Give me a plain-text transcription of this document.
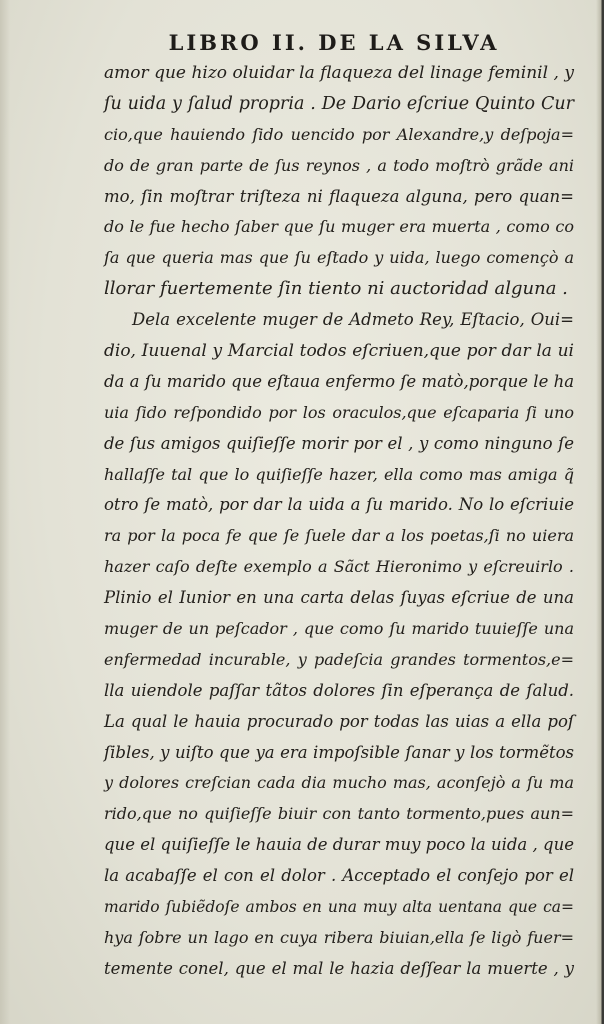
LIBRO II. DE LA SILVA
amor que hizo oluidar la flaqueza del linage feminil , y
ſu uida y ſalud propria . De Dario eſcriue Quinto Cur
cio,que hauiendo ſido uencido por Alexandre,y deſpoja=
do de gran parte de ſus reynos , a todo moſtrò grãde ani
mo, ſin moſtrar triſteza ni flaqueza alguna, pero quan=
do le fue hecho ſaber que ſu muger era muerta , como co
ſa que queria mas que ſu eſtado y uida, luego començò a
llorar fuertemente ſin tiento ni auctoridad alguna .
Dela excelente muger de Admeto Rey, Eſtacio, Oui=
dio, Iuuenal y Marcial todos eſcriuen,que por dar la ui
da a ſu marido que eſtaua enfermo ſe matò,porque le ha
uia ſido reſpondido por los oraculos,que eſcaparia ſi uno
de ſus amigos quiſieſſe morir por el , y como ninguno ſe
hallaſſe tal que lo quiſieſſe hazer, ella como mas amiga q̃
otro ſe matò, por dar la uida a ſu marido. No lo eſcriuie
ra por la poca fe que ſe ſuele dar a los poetas,ſi no uiera
hazer caſo deſte exemplo a Sãct Hieronimo y eſcreuirlo .
Plinio el Iunior en una carta delas ſuyas eſcriue de una
muger de un peſcador , que como ſu marido tuuieſſe una
enfermedad incurable, y padeſcia grandes tormentos,e=
lla uiendole paſſar tãtos dolores ſin eſperança de ſalud.
La qual le hauia procurado por todas las uias a ella poſ
ſibles, y uiſto que ya era impoſsible ſanar y los tormẽtos
y dolores creſcian cada dia mucho mas, aconſejò a ſu ma
rido,que no quiſieſſe biuir con tanto tormento,pues aun=
que el quiſieſſe le hauia de durar muy poco la uida , que
la acabaſſe el con el dolor . Acceptado el conſejo por el
marido ſubiẽdoſe ambos en una muy alta uentana que ca=
hya ſobre un lago en cuya ribera biuian,ella ſe ligò fuer=
temente conel, que el mal le hazia deſſear la muerte , y
